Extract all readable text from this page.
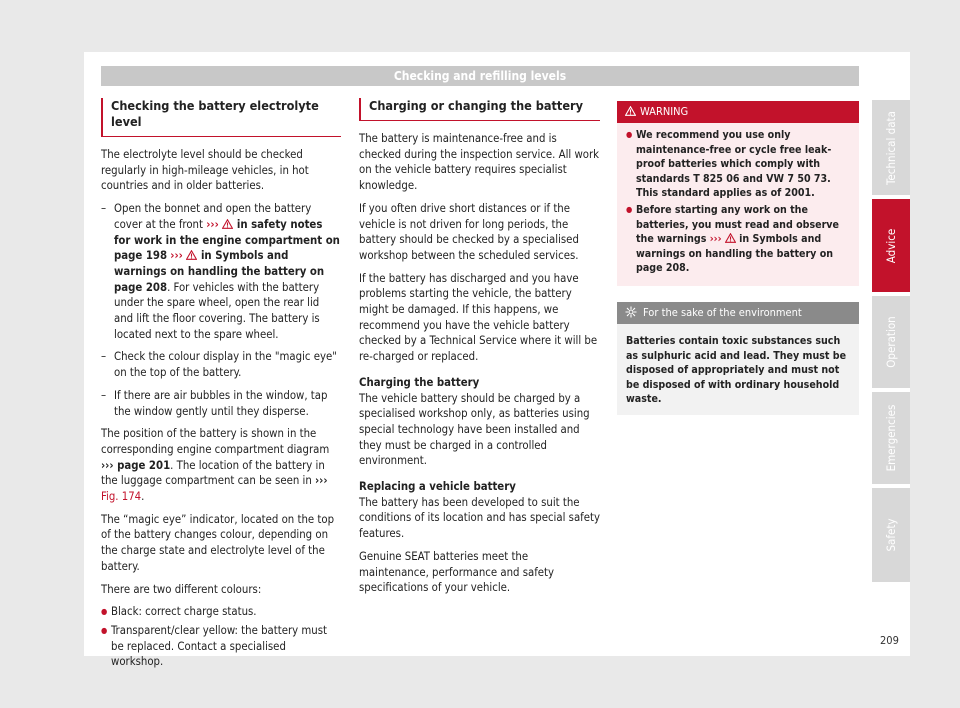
Checking and refilling levels
Checking the battery electrolyte level

The electrolyte level should be checked regularly in high-mileage vehicles, in hot countries and in older batteries.

– Open the bonnet and open the battery cover at the front ›››  in safety notes for work in the engine compartment on page 198 ›››  in Symbols and warnings on handling the battery on page 208. For vehicles with the battery under the spare wheel, open the rear lid and lift the floor covering. The battery is located next to the spare wheel.
– Check the colour display in the "magic eye" on the top of the battery.
– If there are air bubbles in the window, tap the window gently until they disperse.

The position of the battery is shown in the corresponding engine compartment diagram ››› page 201. The location of the battery in the luggage compartment can be seen in ››› Fig. 174.

The “magic eye” indicator, located on the top of the battery changes colour, depending on the charge state and electrolyte level of the battery.

There are two different colours:

● Black: correct charge status.
● Transparent/clear yellow: the battery must be replaced. Contact a specialised workshop.
Charging or changing the battery

The battery is maintenance-free and is checked during the inspection service. All work on the vehicle battery requires specialist knowledge.

If you often drive short distances or if the vehicle is not driven for long periods, the battery should be checked by a specialised workshop between the scheduled services.

If the battery has discharged and you have problems starting the vehicle, the battery might be damaged. If this happens, we recommend you have the vehicle battery checked by a Technical Service where it will be re-charged or replaced.

Charging the battery

The vehicle battery should be charged by a specialised workshop only, as batteries using special technology have been installed and they must be charged in a controlled environment.

Replacing a vehicle battery

The battery has been developed to suit the conditions of its location and has special safety features.

Genuine SEAT batteries meet the maintenance, performance and safety specifications of your vehicle.

WARNING
● We recommend you use only maintenance-free or cycle free leak-proof batteries which comply with standards T 825 06 and VW 7 50 73. This standard applies as of 2001.
● Before starting any work on the batteries, you must read and observe the warnings ›››  in Symbols and warnings on handling the battery on page 208.
For the sake of the environment
Batteries contain toxic substances such as sulphuric acid and lead. They must be disposed of appropriately and must not be disposed of with ordinary household waste.
Technical data
Advice
Operation
Emergencies
Safety
209
